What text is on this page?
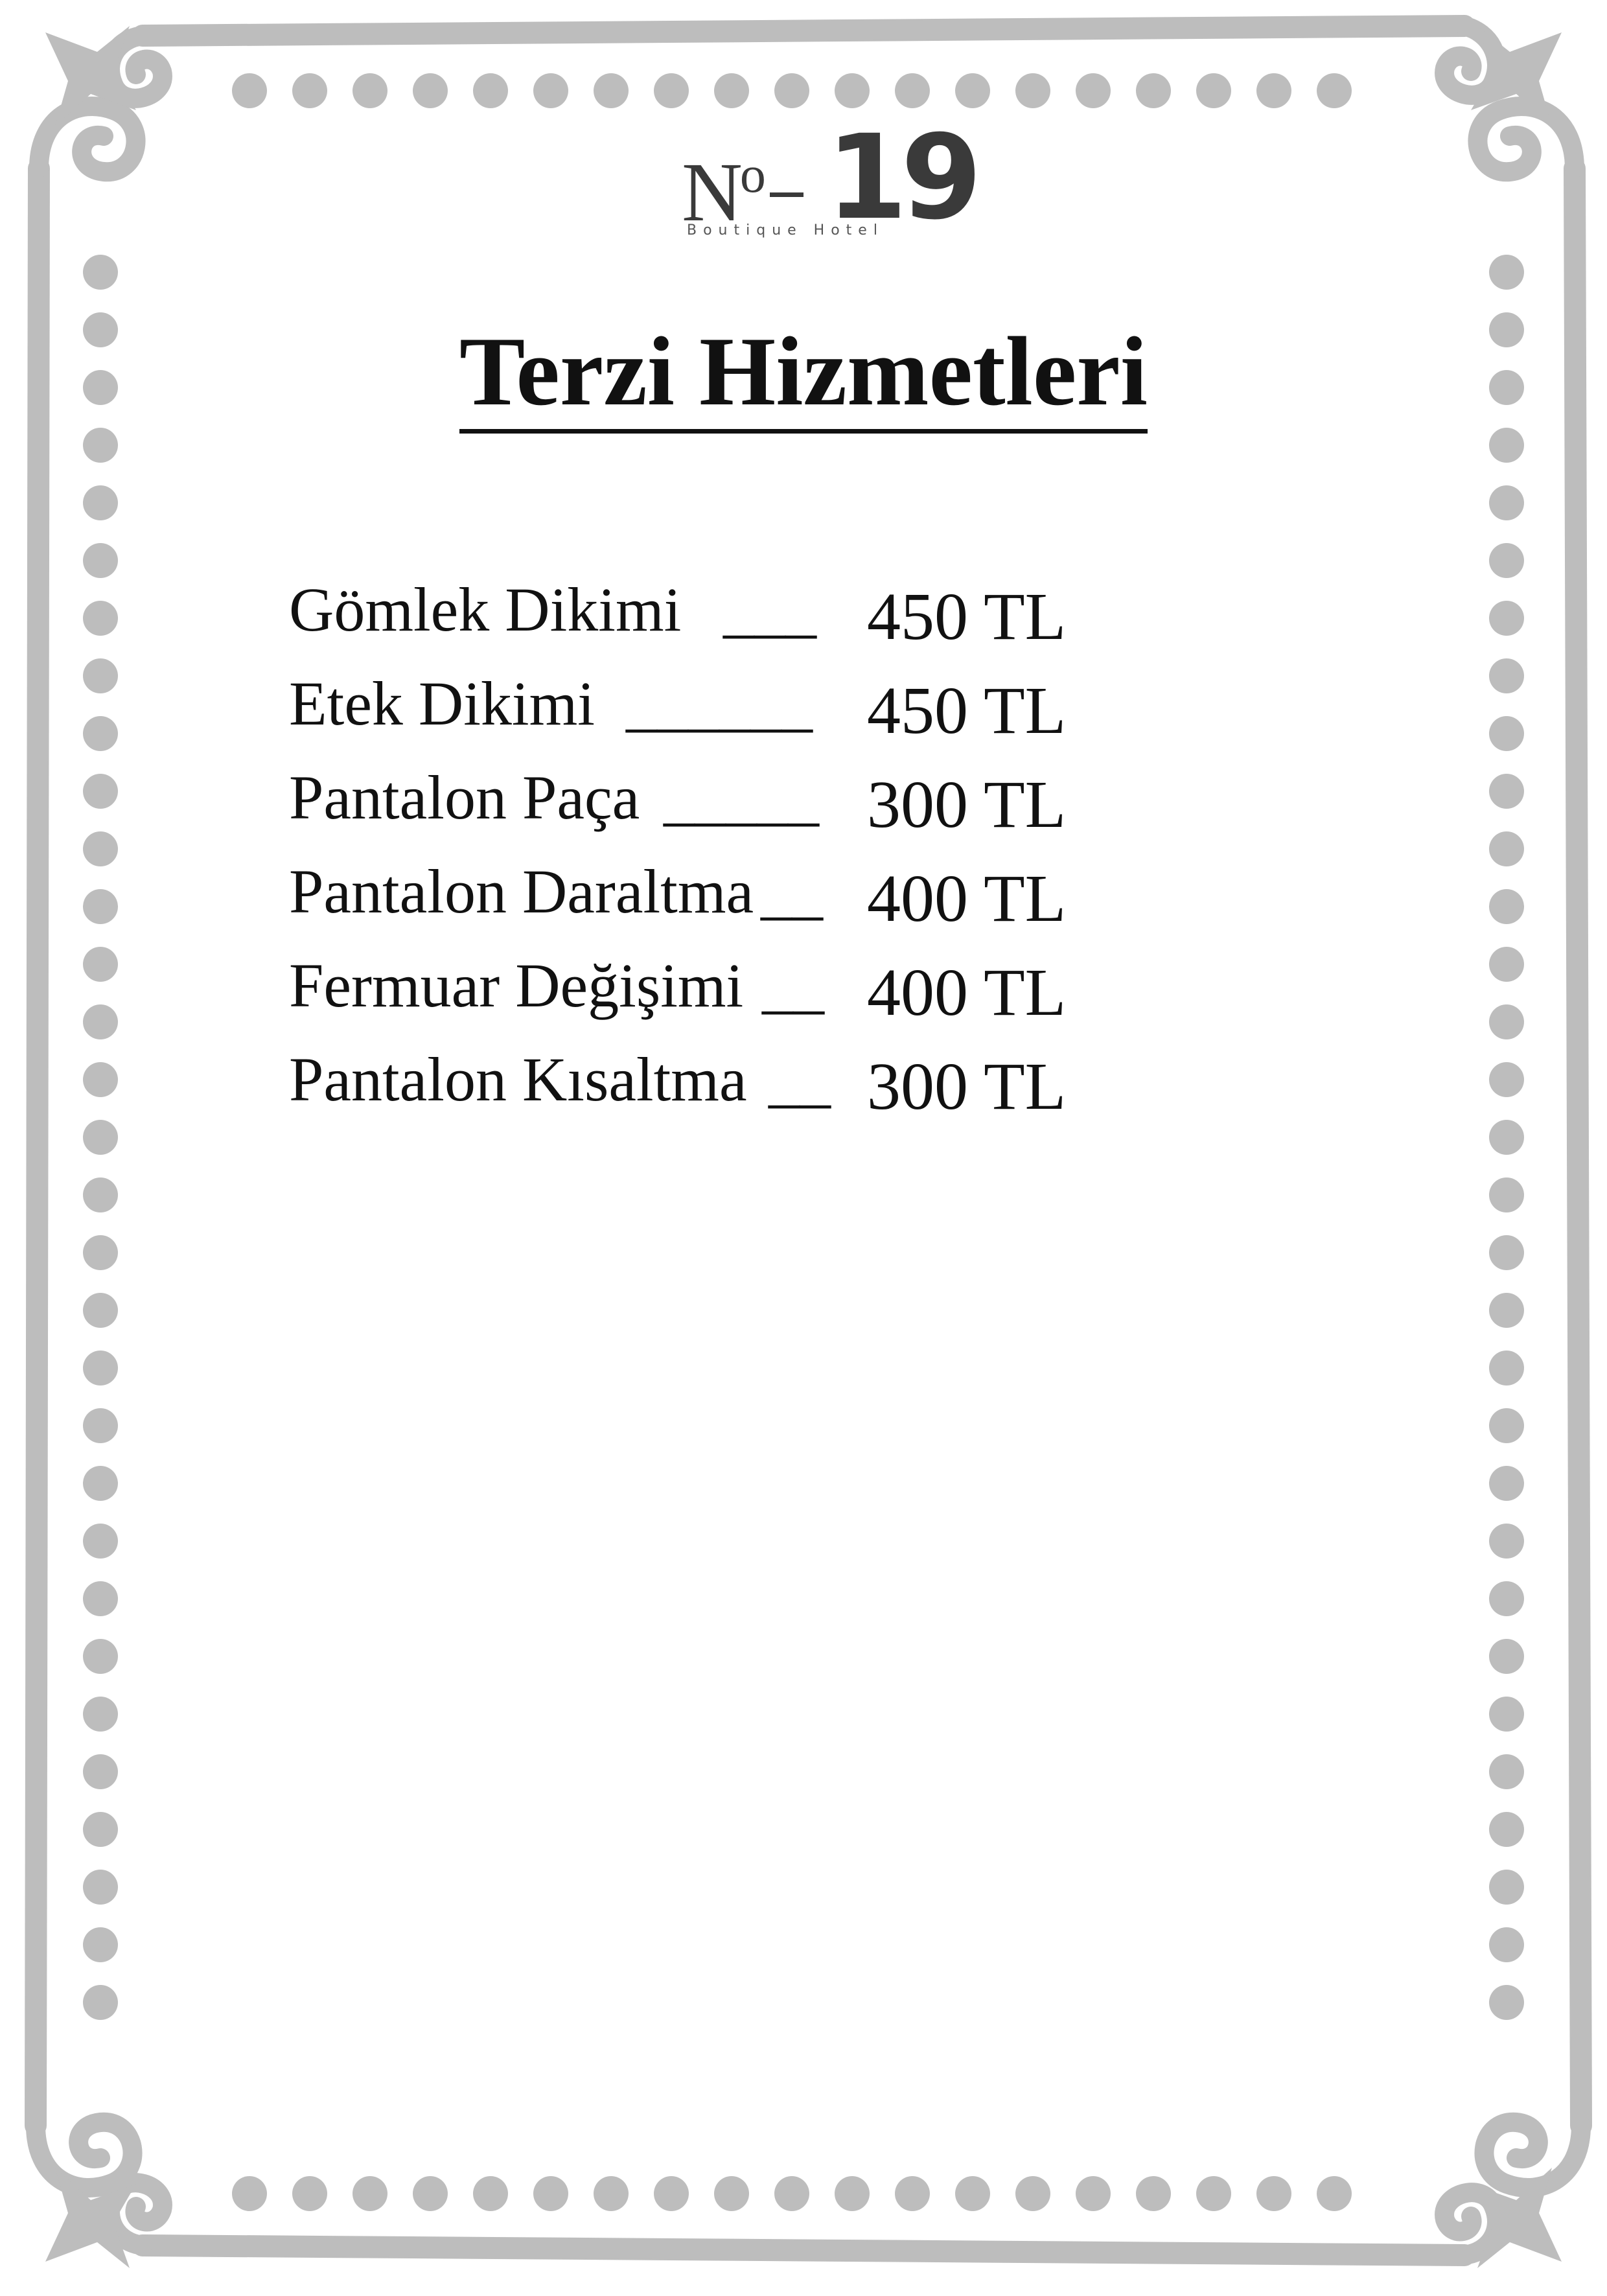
$N^o$ 19
Boutique Hotel
Terzi Hizmetleri
Gömlek Dikimi ___ 450 TL
Etek Dikimi ______ 450 TL
Pantalon Paça _____ 300 TL
Pantalon Daraltma __ 400 TL
Fermuar Değişimi __ 400 TL
Pantalon Kısaltma __ 300 TL
